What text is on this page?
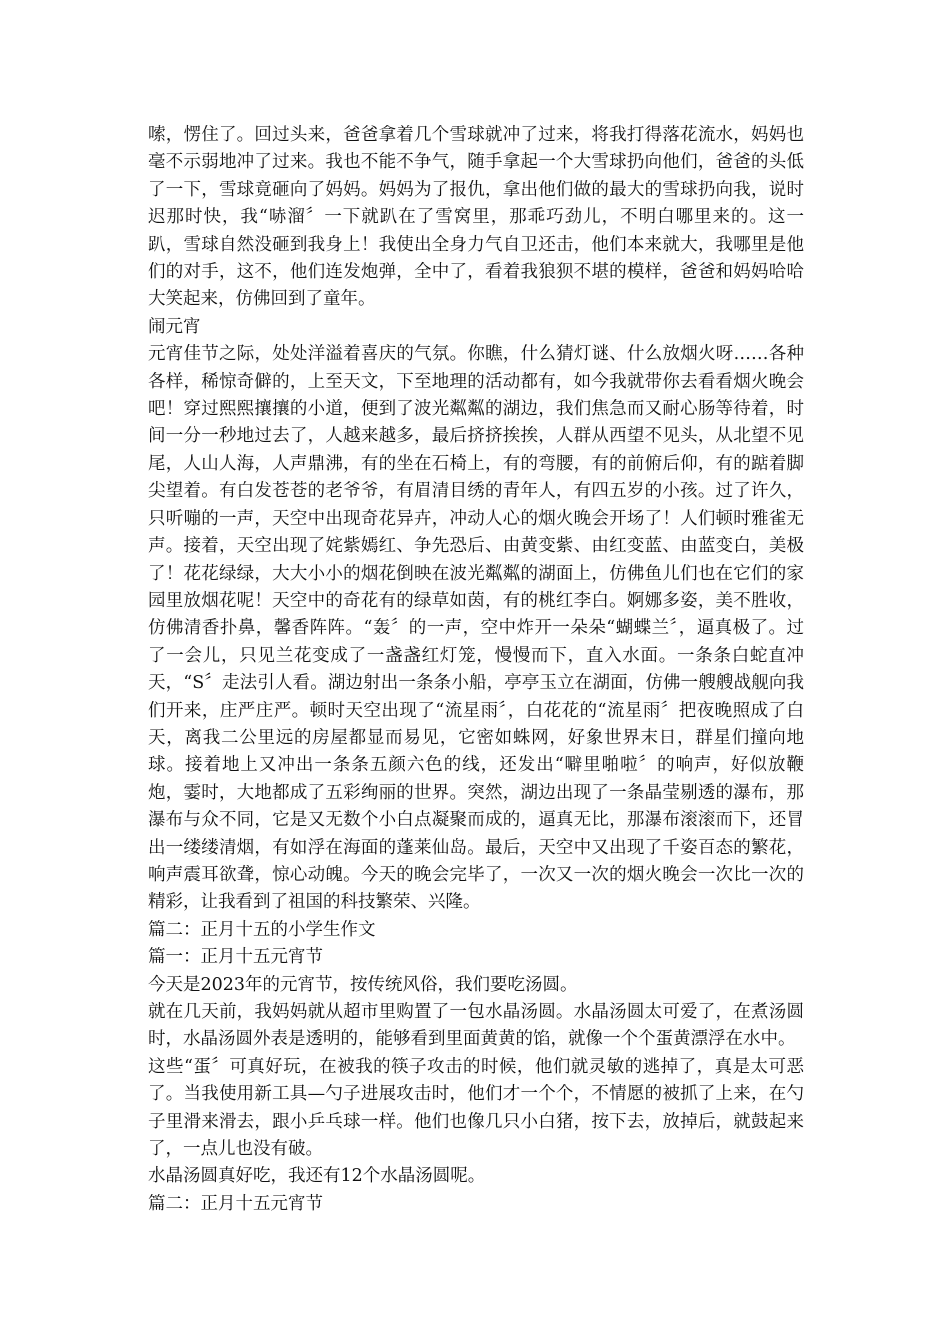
嗦，愣住了。回过头来，爸爸拿着几个雪球就冲了过来，将我打得落花流水，妈妈也毫不示弱地冲了过来。我也不能不争气，随手拿起一个大雪球扔向他们，爸爸的头低了一下，雪球竟砸向了妈妈。妈妈为了报仇，拿出他们做的最大的雪球扔向我，说时迟那时快，我“哧溜〞一下就趴在了雪窝里，那乖巧劲儿，不明白哪里来的。这一趴，雪球自然没砸到我身上！我使出全身力气自卫还击，他们本来就大，我哪里是他们的对手，这不，他们连发炮弹，全中了，看着我狼狈不堪的模样，爸爸和妈妈哈哈大笑起来，仿佛回到了童年。

闹元宵

元宵佳节之际，处处洋溢着喜庆的气氛。你瞧，什么猜灯谜、什么放烟火呀……各种各样，稀惊奇僻的，上至天文，下至地理的活动都有，如今我就带你去看看烟火晚会吧！穿过熙熙攘攘的小道，便到了波光粼粼的湖边，我们焦急而又耐心肠等待着，时间一分一秒地过去了，人越来越多，最后挤挤挨挨，人群从西望不见头，从北望不见尾，人山人海，人声鼎沸，有的坐在石椅上，有的弯腰，有的前俯后仰，有的踮着脚尖望着。有白发苍苍的老爷爷，有眉清目绣的青年人，有四五岁的小孩。过了许久，只听嘣的一声，天空中出现奇花异卉，冲动人心的烟火晚会开场了！人们顿时雅雀无声。接着，天空出现了姹紫嫣红、争先恐后、由黄变紫、由红变蓝、由蓝变白，美极了！花花绿绿，大大小小的烟花倒映在波光粼粼的湖面上，仿佛鱼儿们也在它们的家园里放烟花呢！天空中的奇花有的绿草如茵，有的桃红李白。婀娜多姿，美不胜收，仿佛清香扑鼻，馨香阵阵。“轰〞的一声，空中炸开一朵朵“蝴蝶兰〞，逼真极了。过了一会儿，只见兰花变成了一盏盏红灯笼，慢慢而下，直入水面。一条条白蛇直冲天，“S〞走法引人看。湖边射出一条条小船，亭亭玉立在湖面，仿佛一艘艘战舰向我们开来，庄严庄严。顿时天空出现了“流星雨〞，白花花的“流星雨〞把夜晚照成了白天，离我二公里远的房屋都显而易见，它密如蛛网，好象世界末日，群星们撞向地球。接着地上又冲出一条条五颜六色的线，还发出“噼里啪啦〞的响声，好似放鞭炮，霎时，大地都成了五彩绚丽的世界。突然，湖边出现了一条晶莹剔透的瀑布，那瀑布与众不同，它是又无数个小白点凝聚而成的，逼真无比，那瀑布滚滚而下，还冒出一缕缕清烟，有如浮在海面的蓬莱仙岛。最后，天空中又出现了千姿百态的繁花，响声震耳欲聋，惊心动魄。今天的晚会完毕了，一次又一次的烟火晚会一次比一次的精彩，让我看到了祖国的科技繁荣、兴隆。

篇二：正月十五的小学生作文

篇一：正月十五元宵节

今天是2023年的元宵节，按传统风俗，我们要吃汤圆。

就在几天前，我妈妈就从超市里购置了一包水晶汤圆。水晶汤圆太可爱了，在煮汤圆时，水晶汤圆外表是透明的，能够看到里面黄黄的馅，就像一个个蛋黄漂浮在水中。

这些“蛋〞可真好玩，在被我的筷子攻击的时候，他们就灵敏的逃掉了，真是太可恶了。当我使用新工具—勺子进展攻击时，他们才一个个，不情愿的被抓了上来，在勺子里滑来滑去，跟小乒乓球一样。他们也像几只小白猪，按下去，放掉后，就鼓起来了，一点儿也没有破。

水晶汤圆真好吃，我还有12个水晶汤圆呢。

篇二：正月十五元宵节
